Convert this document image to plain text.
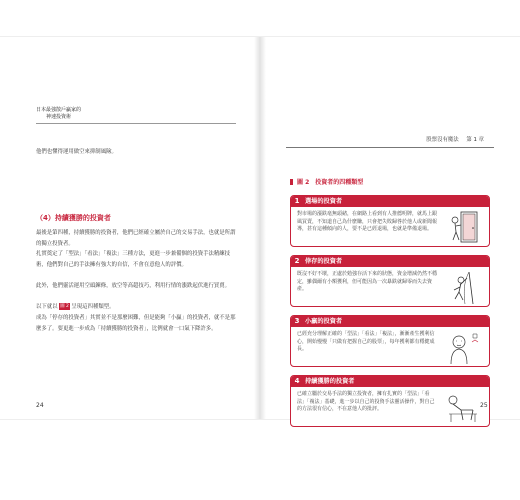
日本最強散戶贏家的
神速投資術
他們也懂得運用做空來抑制風險。
（4）持續獲勝的投資者
最後是第四種，持續獲勝的投資者，他們已經確立屬於自己的交易手法，也就是所謂的獨立投資者。
扎實奠定了「型法」「看法」「複法」三種方法，更進一步兼備個的投資手法精練技術，他們對自己的手法擁有強大的自信，不會在意他人的評價。
此外，他們靈活運用空頭鍊條，放空等高超技巧，利用行情的漲跌起伏進行買賣。
以下就以 圖 2 呈現這四種類型。
成為「停存的投資者」其實並不是那麼困難，但是能夠「小贏」的投資者，就不是那麼多了。要更進一步成為「持續獲勝的投資者」，比例就會一口氣下降許多。
股票沒有魔法 第 1 章
圖 2 投資者的四種類型
1 選場的投資者
對市場的漲跌毫無頭緒，在網路上看到有人推薦明牌，就馬上跟風買賣，不知道自己為什麼賺，只會把失敗歸咎於他人或新聞報導，甚有這種傾向的人，要不是已經退場，也就是準備退場。
2 倖存的投資者
既沒不好不壞，正處於勉強存活下來的狀態，資金增減仍然不穩定，雖偶爾有小額獲利，但可能因為一次暴跌就歸零而失去資產。
3 小贏的投資者
已經充分理解正確的「型法」「看法」「複法」，漸漸產生獲利信心，開始慢慢「只做有把握自己的股票」，每年獲利都有穩健成長。
4 持續獲勝的投資者
已確立屬於交易手法的獨立投資者，擁有扎實的「型法」「看法」「複法」基礎，進一步以自己的投資手法靈活操作，對自己的方法很有信心，不在意他人的批評。
24	25
